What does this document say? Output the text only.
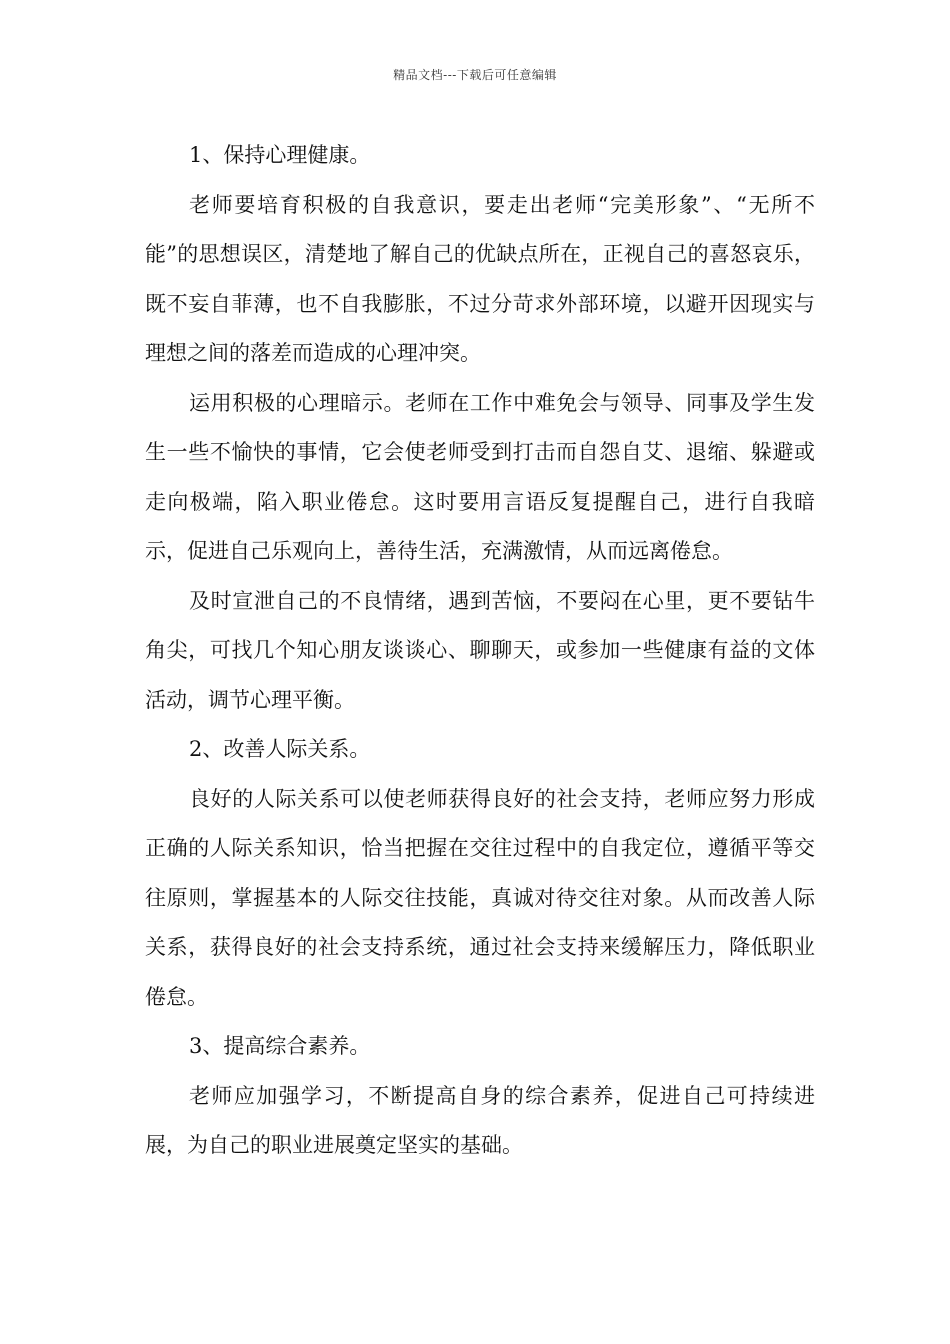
精品文档---下载后可任意编辑

1、保持心理健康。

老师要培育积极的自我意识，要走出老师“完美形象”、“无所不能”的思想误区，清楚地了解自己的优缺点所在，正视自己的喜怒哀乐，既不妄自菲薄，也不自我膨胀，不过分苛求外部环境，以避开因现实与理想之间的落差而造成的心理冲突。

运用积极的心理暗示。老师在工作中难免会与领导、同事及学生发生一些不愉快的事情，它会使老师受到打击而自怨自艾、退缩、躲避或走向极端，陷入职业倦怠。这时要用言语反复提醒自己，进行自我暗示，促进自己乐观向上，善待生活，充满激情，从而远离倦怠。

及时宣泄自己的不良情绪，遇到苦恼，不要闷在心里，更不要钻牛角尖，可找几个知心朋友谈谈心、聊聊天，或参加一些健康有益的文体活动，调节心理平衡。

2、改善人际关系。

良好的人际关系可以使老师获得良好的社会支持，老师应努力形成正确的人际关系知识，恰当把握在交往过程中的自我定位，遵循平等交往原则，掌握基本的人际交往技能，真诚对待交往对象。从而改善人际关系，获得良好的社会支持系统，通过社会支持来缓解压力，降低职业倦怠。

3、提高综合素养。

老师应加强学习，不断提高自身的综合素养，促进自己可持续进展，为自己的职业进展奠定坚实的基础。
